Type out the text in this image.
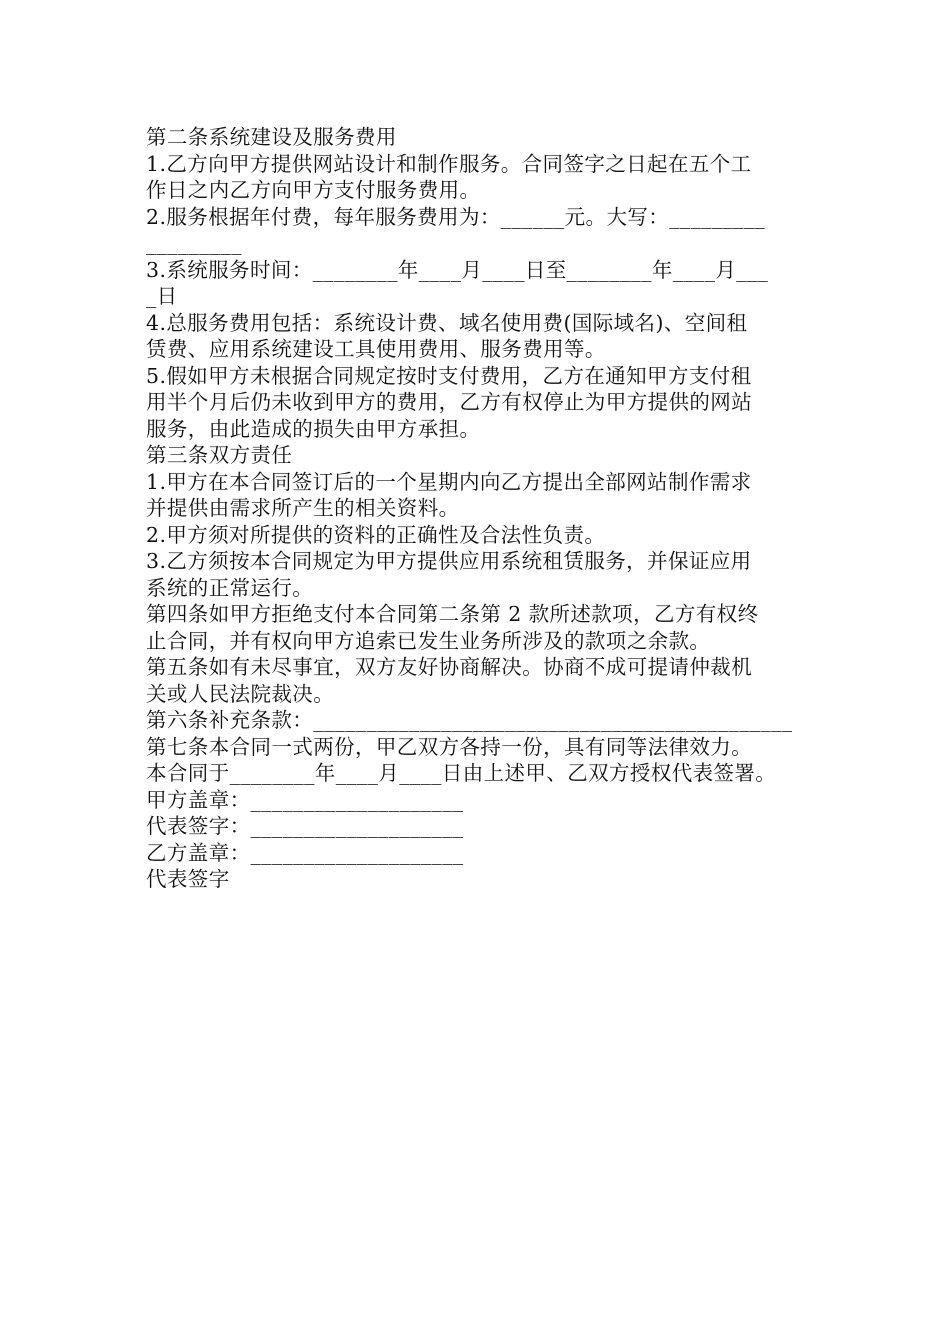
第二条系统建设及服务费用
1.乙方向甲方提供网站设计和制作服务。合同签字之日起在五个工
作日之内乙方向甲方支付服务费用。
2.服务根据年付费，每年服务费用为：______元。大写：_________
_________
3.系统服务时间：________年____月____日至________年____月___
_日
4.总服务费用包括：系统设计费、域名使用费(国际域名)、空间租
赁费、应用系统建设工具使用费用、服务费用等。
5.假如甲方未根据合同规定按时支付费用，乙方在通知甲方支付租
用半个月后仍未收到甲方的费用，乙方有权停止为甲方提供的网站
服务，由此造成的损失由甲方承担。
第三条双方责任
1.甲方在本合同签订后的一个星期内向乙方提出全部网站制作需求
并提供由需求所产生的相关资料。
2.甲方须对所提供的资料的正确性及合法性负责。
3.乙方须按本合同规定为甲方提供应用系统租赁服务，并保证应用
系统的正常运行。
第四条如甲方拒绝支付本合同第二条第 2 款所述款项，乙方有权终
止合同，并有权向甲方追索已发生业务所涉及的款项之余款。
第五条如有未尽事宜，双方友好协商解决。协商不成可提请仲裁机
关或人民法院裁决。
第六条补充条款：_____________________________________________
第七条本合同一式两份，甲乙双方各持一份，具有同等法律效力。
本合同于________年____月____日由上述甲、乙双方授权代表签署。
甲方盖章：____________________
代表签字：____________________
乙方盖章：____________________
代表签字
